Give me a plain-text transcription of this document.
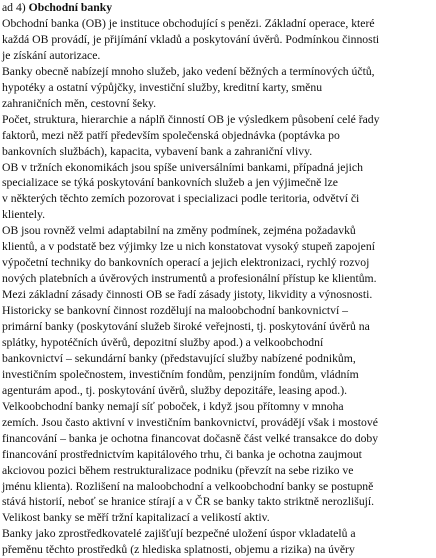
ad 4) Obchodní banky
Obchodní banka (OB) je instituce obchodující s penězi. Základní operace, které
každá OB provádí, je přijímání vkladů a poskytování úvěrů. Podmínkou činnosti
je získání autorizace.
Banky obecně nabízejí mnoho služeb, jako vedení běžných a termínových účtů,
hypotéky a ostatní výpůjčky, investiční služby, kreditní karty, směnu
zahraničních měn, cestovní šeky.
Počet, struktura, hierarchie a náplň činností OB je výsledkem působení celé řady
faktorů, mezi něž patří především společenská objednávka (poptávka po
bankovních službách), kapacita, vybavení bank a zahraniční vlivy.
OB v tržních ekonomikách jsou spíše universálními bankami, případná jejich
specializace se týká poskytování bankovních služeb a jen výjimečně lze
v některých těchto zemích pozorovat i specializaci podle teritoria, odvětví či
klientely.
OB jsou rovněž velmi adaptabilní na změny podmínek, zejména požadavků
klientů, a v podstatě bez výjimky lze u nich konstatovat vysoký stupeň zapojení
výpočetní techniky do bankovních operací a jejich elektronizaci, rychlý rozvoj
nových platebních a úvěrových instrumentů a profesionální přístup ke klientům.
Mezi základní zásady činnosti OB se řadí zásady jistoty, likvidity a výnosnosti.
Historicky se bankovní činnost rozdělují na maloobchodní bankovnictví –
primární banky (poskytování služeb široké veřejnosti, tj. poskytování úvěrů na
splátky, hypotéčních úvěrů, depozitní služby apod.) a velkoobchodní
bankovnictví – sekundární banky (představující služby nabízené podnikům,
investičním společnostem, investičním fondům, penzijním fondům, vládním
agenturám apod., tj. poskytování úvěrů, služby depozitáře, leasing apod.).
Velkoobchodní banky nemají síť poboček, i když jsou přítomny v mnoha
zemích. Jsou často aktivní v investičním bankovnictví, provádějí však i mostové
financování – banka je ochotna financovat dočasně část velké transakce do doby
financování prostřednictvím kapitálového trhu, či banka je ochotna zaujmout
akciovou pozici během restrukturalizace podniku (převzít na sebe riziko ve
jménu klienta). Rozlišení na maloobchodní a velkoobchodní banky se postupně
stává historií, neboť se hranice stírají a v ČR se banky takto striktně nerozlišují.
Velikost banky se měří tržní kapitalizací a velikostí aktiv.
Banky jako zprostředkovatelé zajišťují bezpečné uložení úspor vkladatelů a
přeměnu těchto prostředků (z hlediska splatnosti, objemu a rizika) na úvěry
